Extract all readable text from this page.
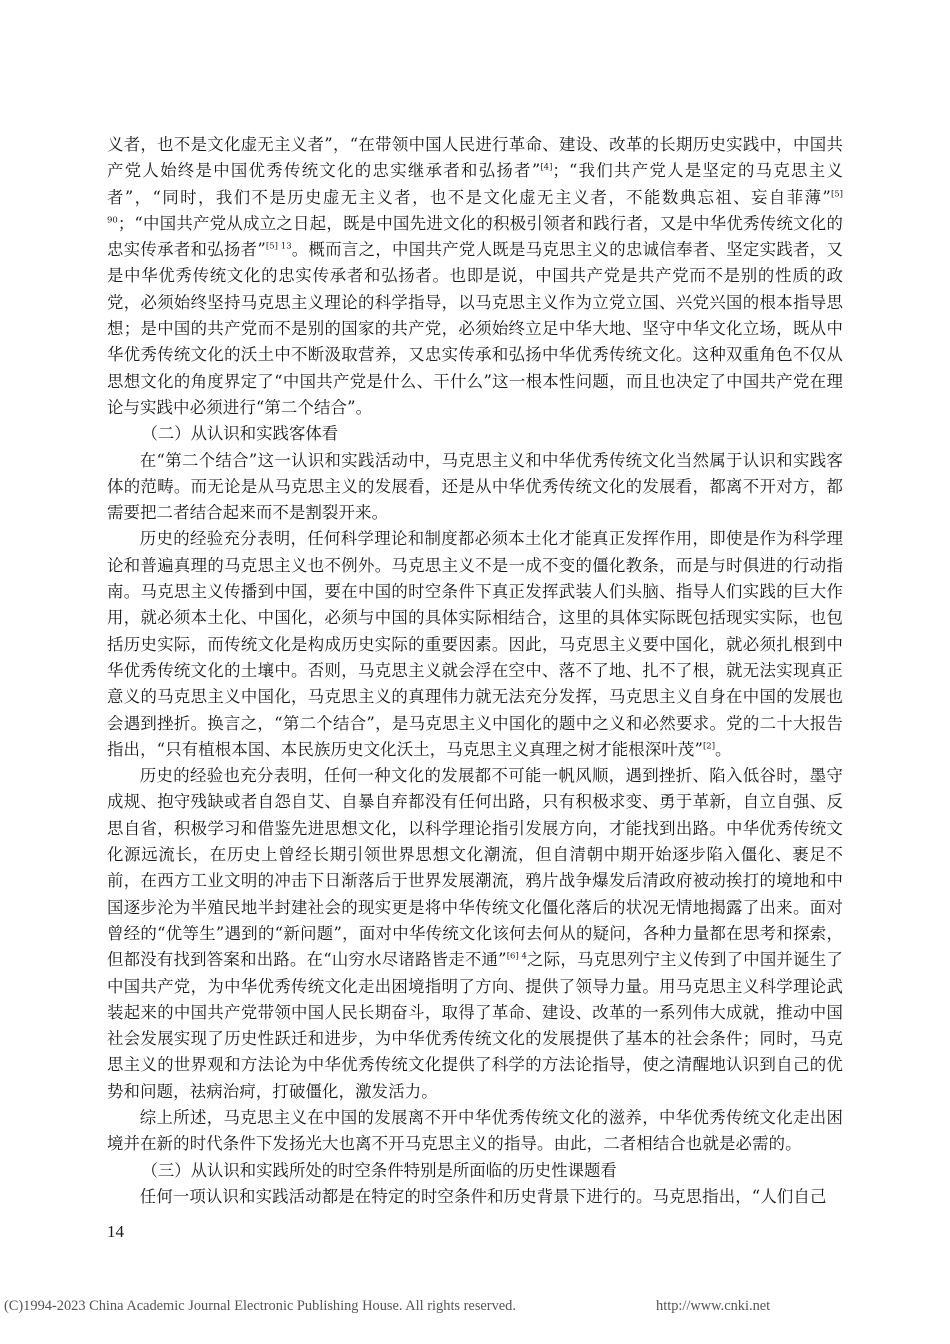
义者，也不是文化虚无主义者”，“在带领中国人民进行革命、建设、改革的长期历史实践中，中国共产党人始终是中国优秀传统文化的忠实继承者和弘扬者”[4]；“我们共产党人是坚定的马克思主义者”，“同时，我们不是历史虚无主义者，也不是文化虚无主义者，不能数典忘祖、妄自菲薄”$^{[5] 90}$；“中国共产党从成立之日起，既是中国先进文化的积极引领者和践行者，又是中华优秀传统文化的忠实传承者和弘扬者”$^{[5] 13}$。概而言之，中国共产党人既是马克思主义的忠诚信奉者、坚定实践者，又是中华优秀传统文化的忠实传承者和弘扬者。也即是说，中国共产党是共产党而不是别的性质的政党，必须始终坚持马克思主义理论的科学指导，以马克思主义作为立党立国、兴党兴国的根本指导思想；是中国的共产党而不是别的国家的共产党，必须始终立足中华大地、坚守中华文化立场，既从中华优秀传统文化的沃土中不断汲取营养，又忠实传承和弘扬中华优秀传统文化。这种双重角色不仅从思想文化的角度界定了“中国共产党是什么、干什么”这一根本性问题，而且也决定了中国共产党在理论与实践中必须进行“第二个结合”。

（二）从认识和实践客体看

在“第二个结合”这一认识和实践活动中，马克思主义和中华优秀传统文化当然属于认识和实践客体的范畴。而无论是从马克思主义的发展看，还是从中华优秀传统文化的发展看，都离不开对方，都需要把二者结合起来而不是割裂开来。

历史的经验充分表明，任何科学理论和制度都必须本土化才能真正发挥作用，即使是作为科学理论和普遍真理的马克思主义也不例外。马克思主义不是一成不变的僵化教条，而是与时俱进的行动指南。马克思主义传播到中国，要在中国的时空条件下真正发挥武装人们头脑、指导人们实践的巨大作用，就必须本土化、中国化，必须与中国的具体实际相结合，这里的具体实际既包括现实实际，也包括历史实际，而传统文化是构成历史实际的重要因素。因此，马克思主义要中国化，就必须扎根到中华优秀传统文化的土壤中。否则，马克思主义就会浮在空中、落不了地、扎不了根，就无法实现真正意义的马克思主义中国化，马克思主义的真理伟力就无法充分发挥，马克思主义自身在中国的发展也会遇到挫折。换言之，“第二个结合”，是马克思主义中国化的题中之义和必然要求。党的二十大报告指出，“只有植根本国、本民族历史文化沃土，马克思主义真理之树才能根深叶茂”[2]。

历史的经验也充分表明，任何一种文化的发展都不可能一帆风顺，遇到挫折、陷入低谷时，墨守成规、抱守残缺或者自怨自艾、自暴自弃都没有任何出路，只有积极求变、勇于革新，自立自强、反思自省，积极学习和借鉴先进思想文化，以科学理论指引发展方向，才能找到出路。中华优秀传统文化源远流长，在历史上曾经长期引领世界思想文化潮流，但自清朝中期开始逐步陷入僵化、裹足不前，在西方工业文明的冲击下日渐落后于世界发展潮流，鸦片战争爆发后清政府被动挨打的境地和中国逐步沦为半殖民地半封建社会的现实更是将中华传统文化僵化落后的状况无情地揭露了出来。面对曾经的“优等生”遇到的“新问题”，面对中华传统文化该何去何从的疑问，各种力量都在思考和探索，但都没有找到答案和出路。在“山穷水尽诸路皆走不通”$^{[6] 4}$之际，马克思列宁主义传到了中国并诞生了中国共产党，为中华优秀传统文化走出困境指明了方向、提供了领导力量。用马克思主义科学理论武装起来的中国共产党带领中国人民长期奋斗，取得了革命、建设、改革的一系列伟大成就，推动中国社会发展实现了历史性跃迁和进步，为中华优秀传统文化的发展提供了基本的社会条件；同时，马克思主义的世界观和方法论为中华优秀传统文化提供了科学的方法论指导，使之清醒地认识到自己的优势和问题，祛病治疴，打破僵化，激发活力。

综上所述，马克思主义在中国的发展离不开中华优秀传统文化的滋养，中华优秀传统文化走出困境并在新的时代条件下发扬光大也离不开马克思主义的指导。由此，二者相结合也就是必需的。

（三）从认识和实践所处的时空条件特别是所面临的历史性课题看

任何一项认识和实践活动都是在特定的时空条件和历史背景下进行的。马克思指出，“人们自己

14
(C)1994-2023 China Academic Journal Electronic Publishing House. All rights reserved.	http://www.cnki.net
